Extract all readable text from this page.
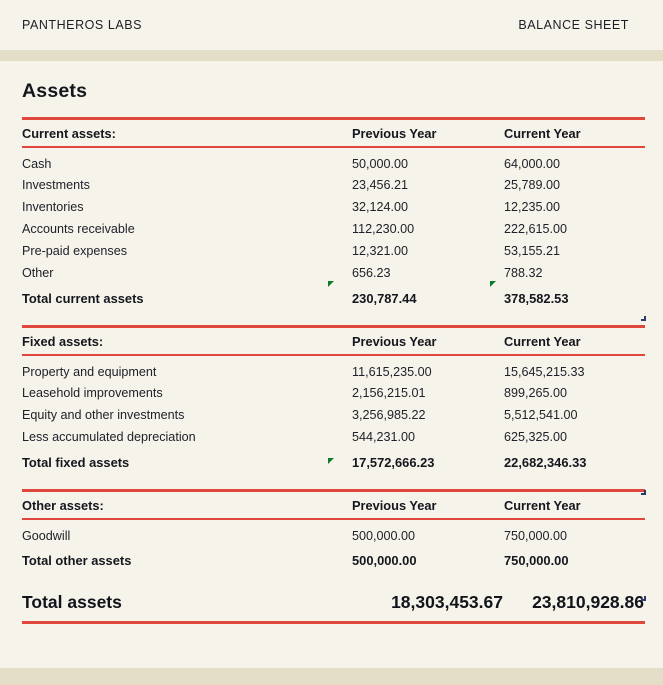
PANTHEROS LABS	BALANCE SHEET
Assets
Current assets:	Previous Year	Current Year
Cash	50,000.00	64,000.00
Investments	23,456.21	25,789.00
Inventories	32,124.00	12,235.00
Accounts receivable	112,230.00	222,615.00
Pre-paid expenses	12,321.00	53,155.21
Other	656.23	788.32
Total current assets	230,787.44	378,582.53
Fixed assets:	Previous Year	Current Year
Property and equipment	11,615,235.00	15,645,215.33
Leasehold improvements	2,156,215.01	899,265.00
Equity and other investments	3,256,985.22	5,512,541.00
Less accumulated depreciation	544,231.00	625,325.00
Total fixed assets	17,572,666.23	22,682,346.33
Other assets:	Previous Year	Current Year
Goodwill	500,000.00	750,000.00
Total other assets	500,000.00	750,000.00
Total assets	18,303,453.67	23,810,928.86
